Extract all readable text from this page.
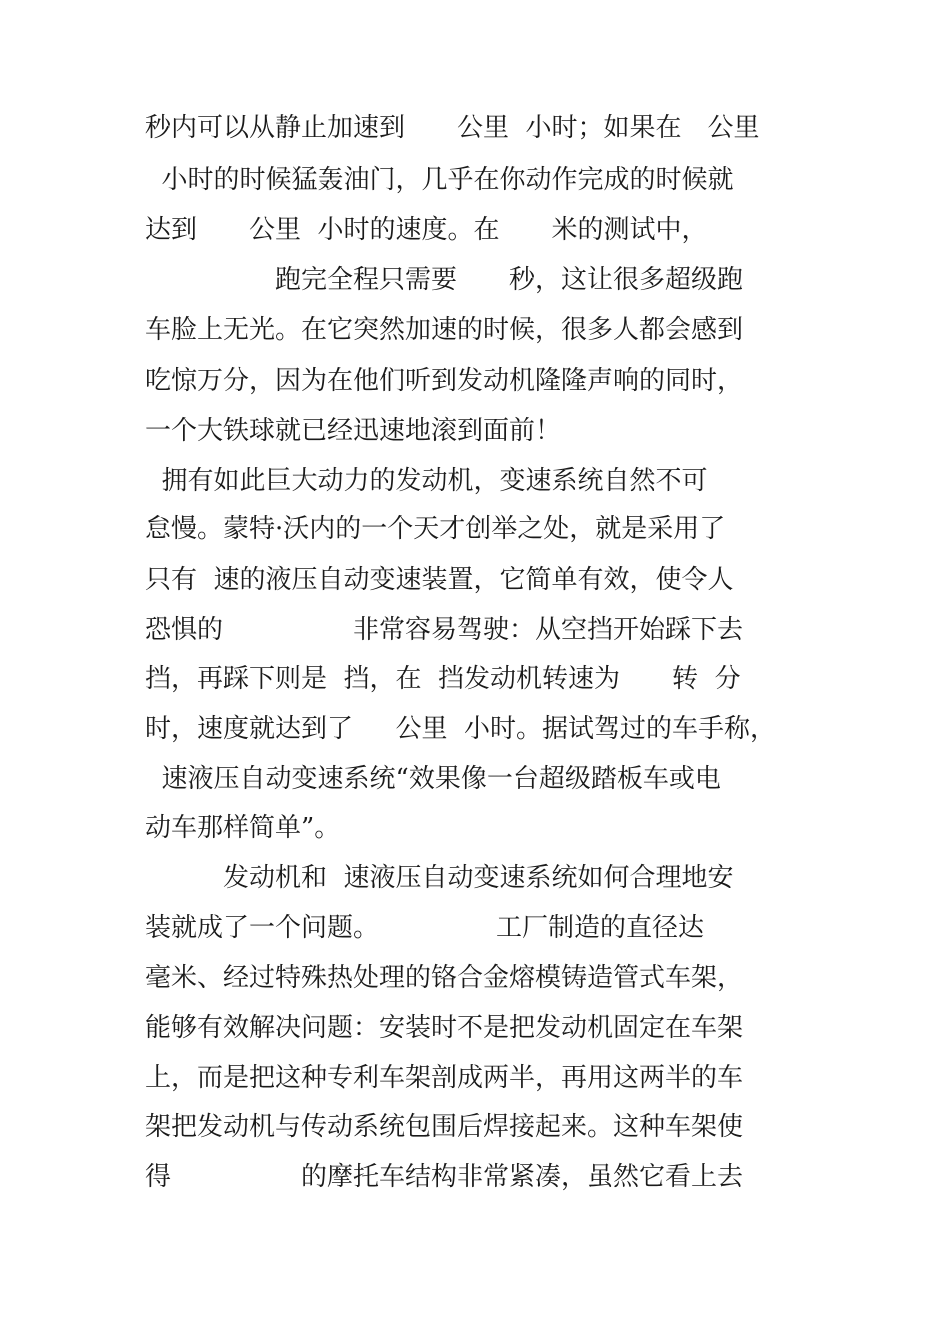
秒内可以从静止加速到　　公里  小时；如果在　公里
小时的时候猛轰油门，几乎在你动作完成的时候就
达到　　公里  小时的速度。在　　米的测试中，
　　　　　跑完全程只需要　　秒，这让很多超级跑
车脸上无光。在它突然加速的时候，很多人都会感到
吃惊万分，因为在他们听到发动机隆隆声响的同时，
一个大铁球就已经迅速地滚到面前！
拥有如此巨大动力的发动机，变速系统自然不可
怠慢。蒙特·沃内的一个天才创举之处，就是采用了
只有  速的液压自动变速装置，它简单有效，使令人
恐惧的　　　　　非常容易驾驶：从空挡开始踩下去
挡，再踩下则是  挡，在  挡发动机转速为　　转  分
时，速度就达到了　  公里  小时。据试驾过的车手称，
速液压自动变速系统“效果像一台超级踏板车或电
动车那样简单”。
　　　发动机和  速液压自动变速系统如何合理地安
装就成了一个问题。　　　　　工厂制造的直径达
毫米、经过特殊热处理的铬合金熔模铸造管式车架，
能够有效解决问题：安装时不是把发动机固定在车架
上，而是把这种专利车架剖成两半，再用这两半的车
架把发动机与传动系统包围后焊接起来。这种车架使
得　　　　　的摩托车结构非常紧凑，虽然它看上去
